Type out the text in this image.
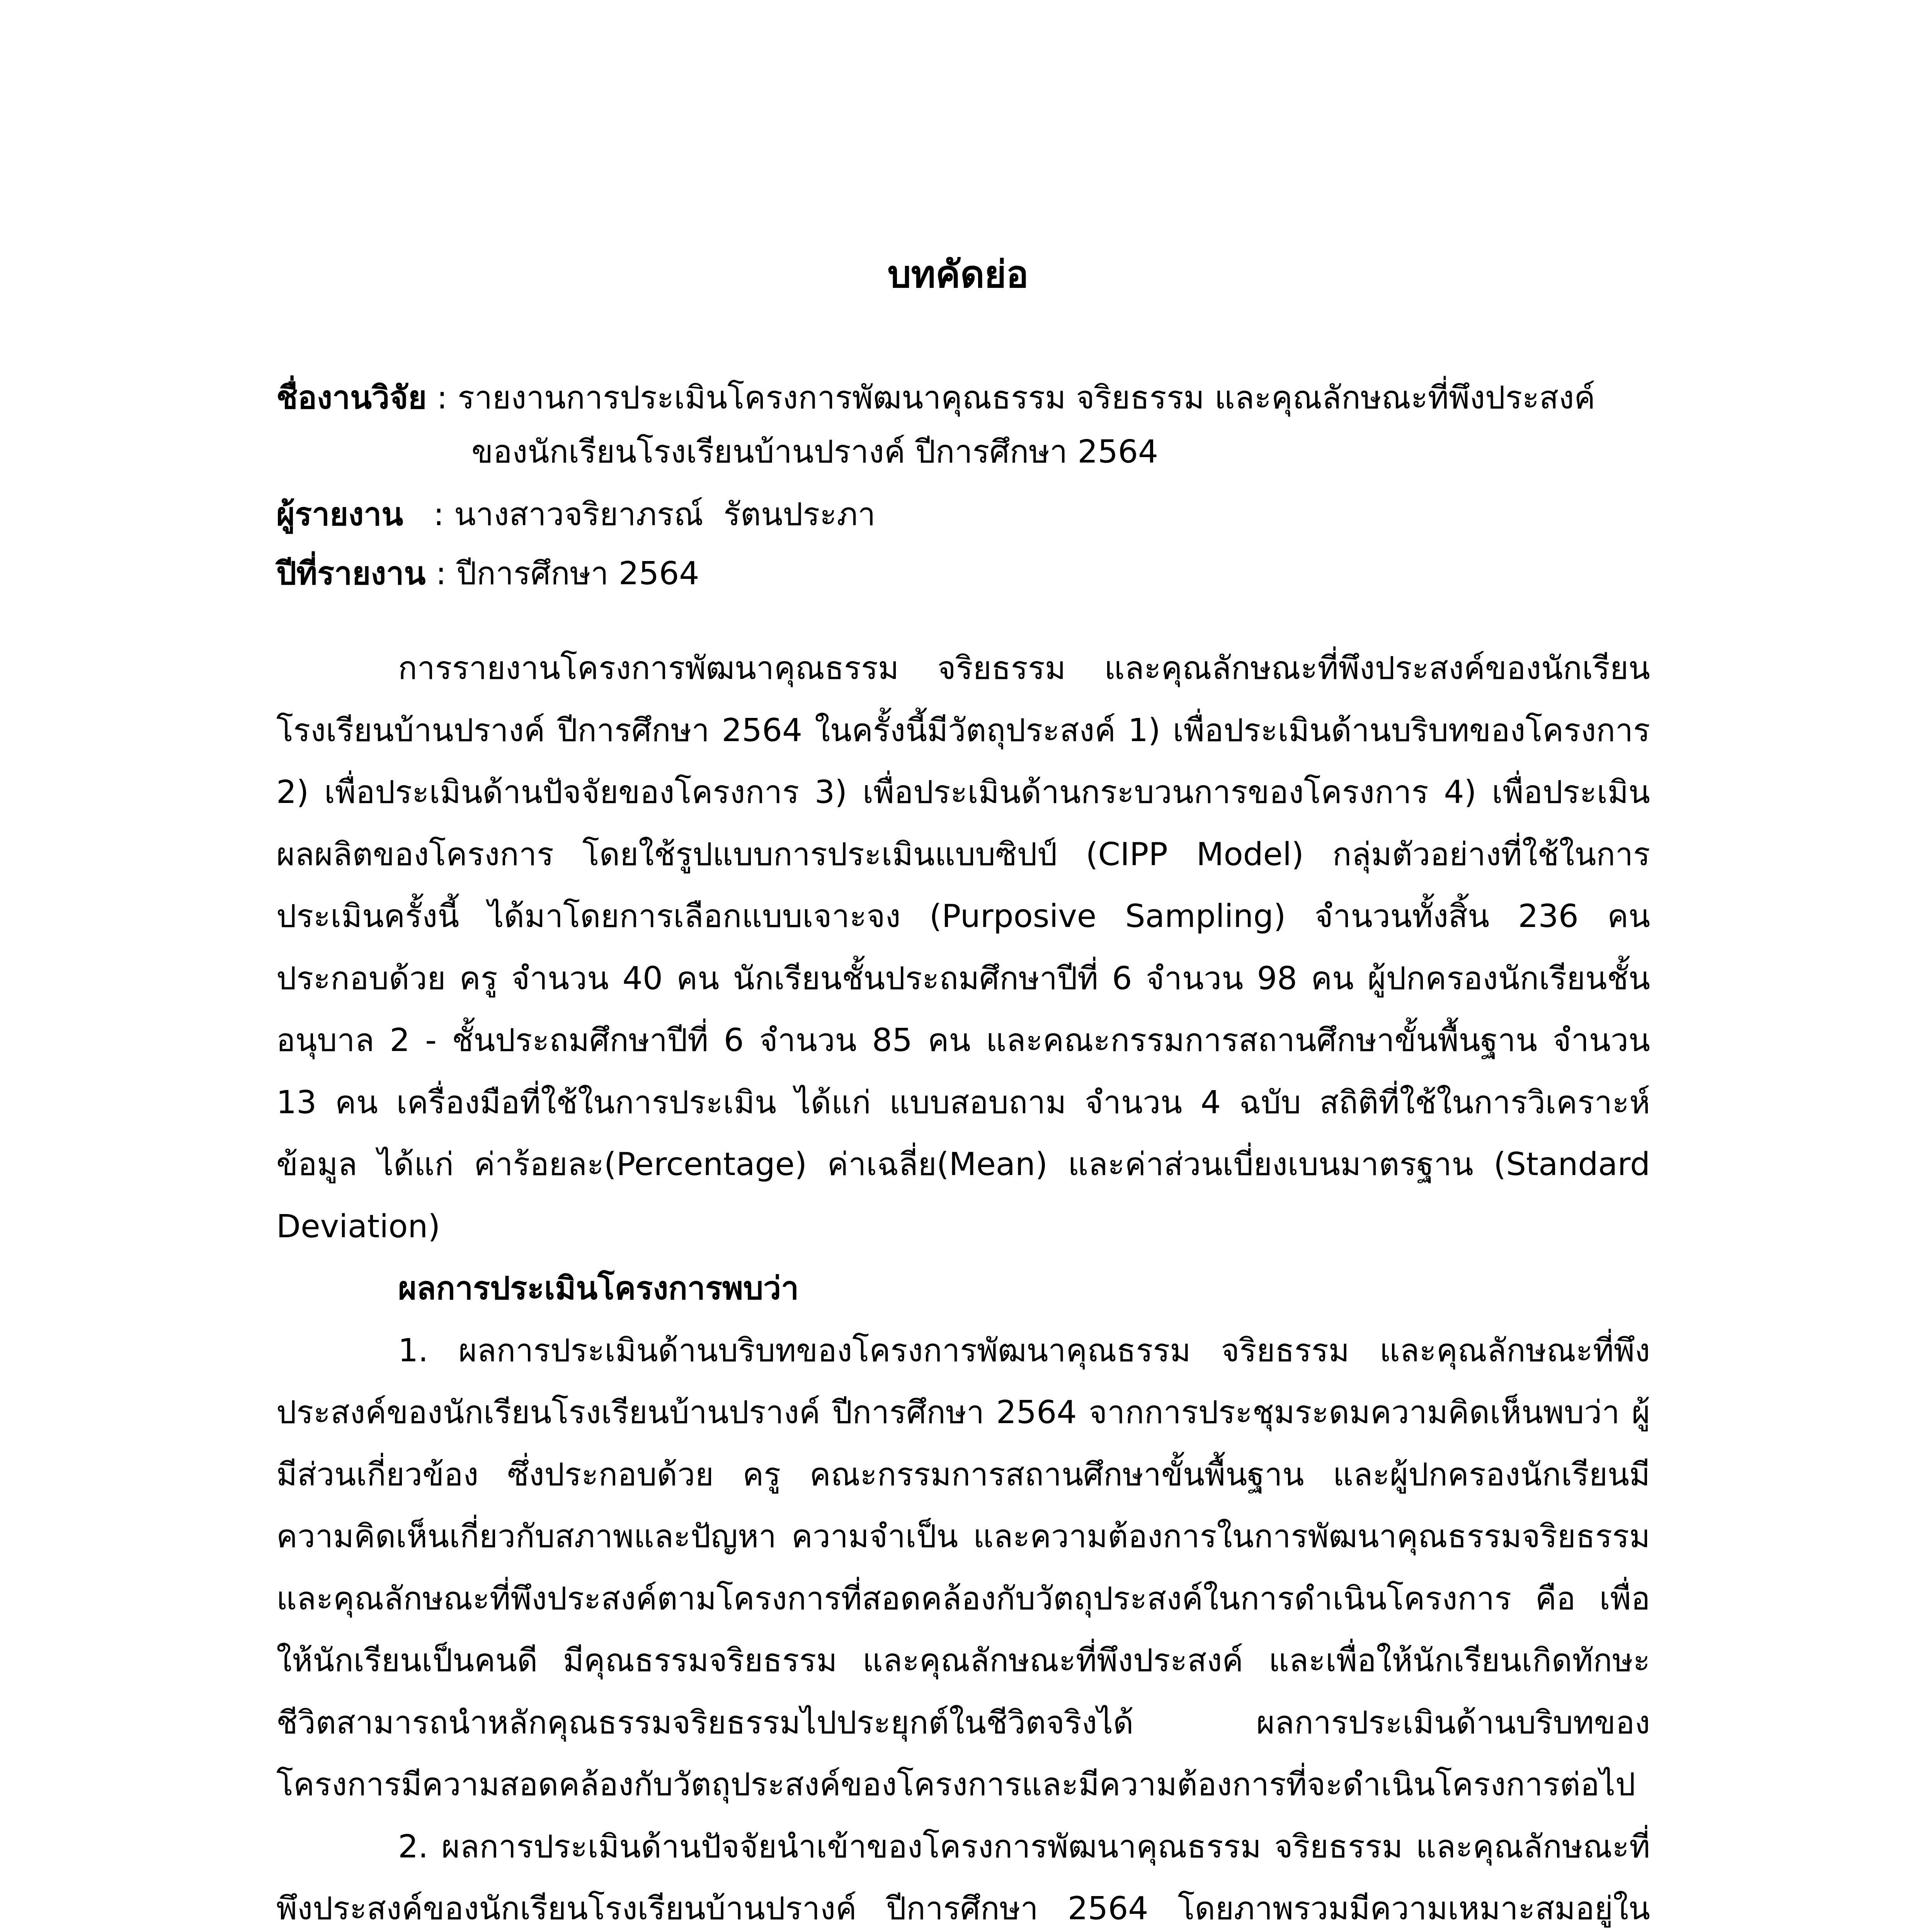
บทคัดย่อ
ชื่องานวิจัย : รายงานการประเมินโครงการพัฒนาคุณธรรม จริยธรรม และคุณลักษณะที่พึงประสงค์
ของนักเรียนโรงเรียนบ้านปรางค์ ปีการศึกษา 2564
ผู้รายงาน   : นางสาวจริยาภรณ์  รัตนประภา
ปีที่รายงาน : ปีการศึกษา 2564

การรายงานโครงการพัฒนาคุณธรรม จริยธรรม และคุณลักษณะที่พึงประสงค์ของนักเรียนโรงเรียนบ้านปรางค์ ปีการศึกษา 2564 ในครั้งนี้มีวัตถุประสงค์ 1) เพื่อประเมินด้านบริบทของโครงการ 2) เพื่อประเมินด้านปัจจัยของโครงการ 3) เพื่อประเมินด้านกระบวนการของโครงการ 4) เพื่อประเมินผลผลิตของโครงการ โดยใช้รูปแบบการประเมินแบบซิปป์ (CIPP Model) กลุ่มตัวอย่างที่ใช้ในการประเมินครั้งนี้ ได้มาโดยการเลือกแบบเจาะจง (Purposive Sampling) จำนวนทั้งสิ้น 236 คน ประกอบด้วย ครู จำนวน 40 คน นักเรียนชั้นประถมศึกษาปีที่ 6 จำนวน 98 คน ผู้ปกครองนักเรียนชั้นอนุบาล 2 - ชั้นประถมศึกษาปีที่ 6 จำนวน 85 คน และคณะกรรมการสถานศึกษาขั้นพื้นฐาน จำนวน 13 คน เครื่องมือที่ใช้ในการประเมิน ได้แก่ แบบสอบถาม จำนวน 4 ฉบับ สถิติที่ใช้ในการวิเคราะห์ข้อมูล ได้แก่ ค่าร้อยละ(Percentage) ค่าเฉลี่ย(Mean) และค่าส่วนเบี่ยงเบนมาตรฐาน (Standard Deviation)

ผลการประเมินโครงการพบว่า

1. ผลการประเมินด้านบริบทของโครงการพัฒนาคุณธรรม จริยธรรม และคุณลักษณะที่พึงประสงค์ของนักเรียนโรงเรียนบ้านปรางค์ ปีการศึกษา 2564 จากการประชุมระดมความคิดเห็นพบว่า ผู้มีส่วนเกี่ยวข้อง ซึ่งประกอบด้วย ครู คณะกรรมการสถานศึกษาขั้นพื้นฐาน และผู้ปกครองนักเรียนมีความคิดเห็นเกี่ยวกับสภาพและปัญหา ความจำเป็น และความต้องการในการพัฒนาคุณธรรมจริยธรรมและคุณลักษณะที่พึงประสงค์ตามโครงการที่สอดคล้องกับวัตถุประสงค์ในการดำเนินโครงการ คือ เพื่อให้นักเรียนเป็นคนดี มีคุณธรรมจริยธรรม และคุณลักษณะที่พึงประสงค์ และเพื่อให้นักเรียนเกิดทักษะชีวิตสามารถนำหลักคุณธรรมจริยธรรมไปประยุกต์ในชีวิตจริงได้ ผลการประเมินด้านบริบทของโครงการมีความสอดคล้องกับวัตถุประสงค์ของโครงการและมีความต้องการที่จะดำเนินโครงการต่อไป

2. ผลการประเมินด้านปัจจัยนำเข้าของโครงการพัฒนาคุณธรรม จริยธรรม และคุณลักษณะที่พึงประสงค์ของนักเรียนโรงเรียนบ้านปรางค์ ปีการศึกษา 2564 โดยภาพรวมมีความเหมาะสมอยู่ใน
